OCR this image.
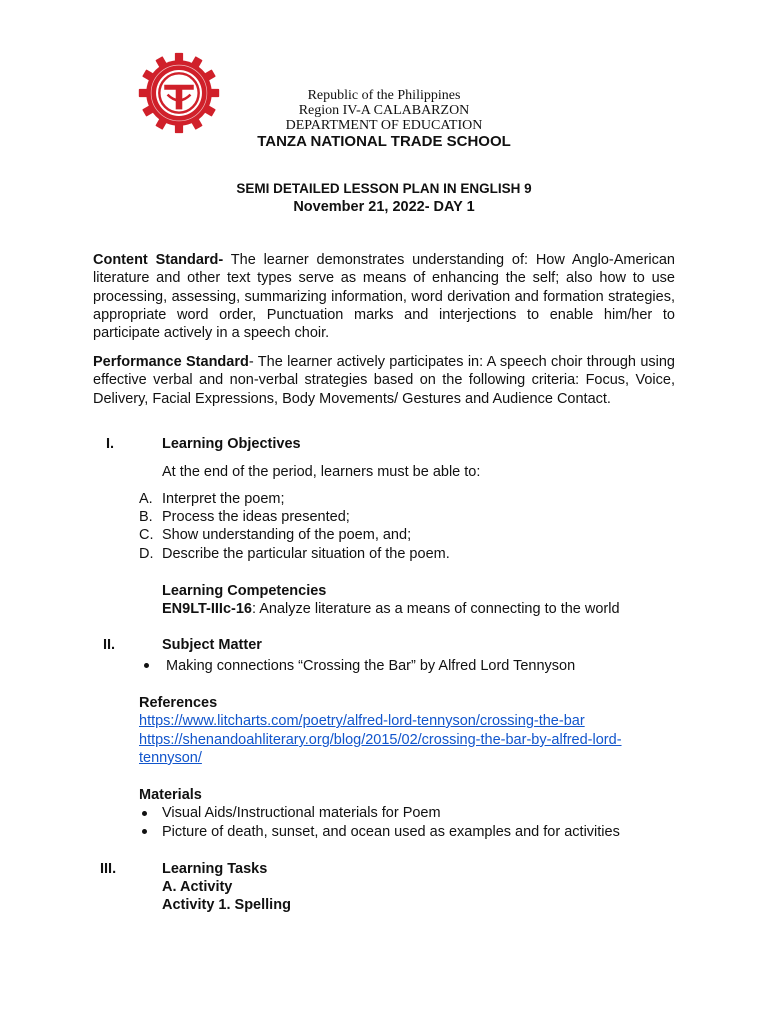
Republic of the Philippines
Region IV-A CALABARZON
DEPARTMENT OF EDUCATION
TANZA NATIONAL TRADE SCHOOL
SEMI DETAILED LESSON PLAN IN ENGLISH 9
November 21, 2022- DAY 1
Content Standard- The learner demonstrates understanding of: How Anglo-American literature and other text types serve as means of enhancing the self; also how to use processing, assessing, summarizing information, word derivation and formation strategies, appropriate word order, Punctuation marks and interjections to enable him/her to participate actively in a speech choir.
Performance Standard- The learner actively participates in: A speech choir through using effective verbal and non-verbal strategies based on the following criteria: Focus, Voice, Delivery, Facial Expressions, Body Movements/ Gestures and Audience Contact.
I.	Learning Objectives
At the end of the period, learners must be able to:
A. Interpret the poem;
B. Process the ideas presented;
C. Show understanding of the poem, and;
D. Describe the particular situation of the poem.
Learning Competencies
EN9LT-IIIc-16: Analyze literature as a means of connecting to the world
II.	Subject Matter
Making connections “Crossing the Bar” by Alfred Lord Tennyson
References
https://www.litcharts.com/poetry/alfred-lord-tennyson/crossing-the-bar
https://shenandoahliterary.org/blog/2015/02/crossing-the-bar-by-alfred-lord-
tennyson/
Materials
Visual Aids/Instructional materials for Poem
Picture of death, sunset, and ocean used as examples and for activities
III.	Learning Tasks
A. Activity
Activity 1. Spelling
